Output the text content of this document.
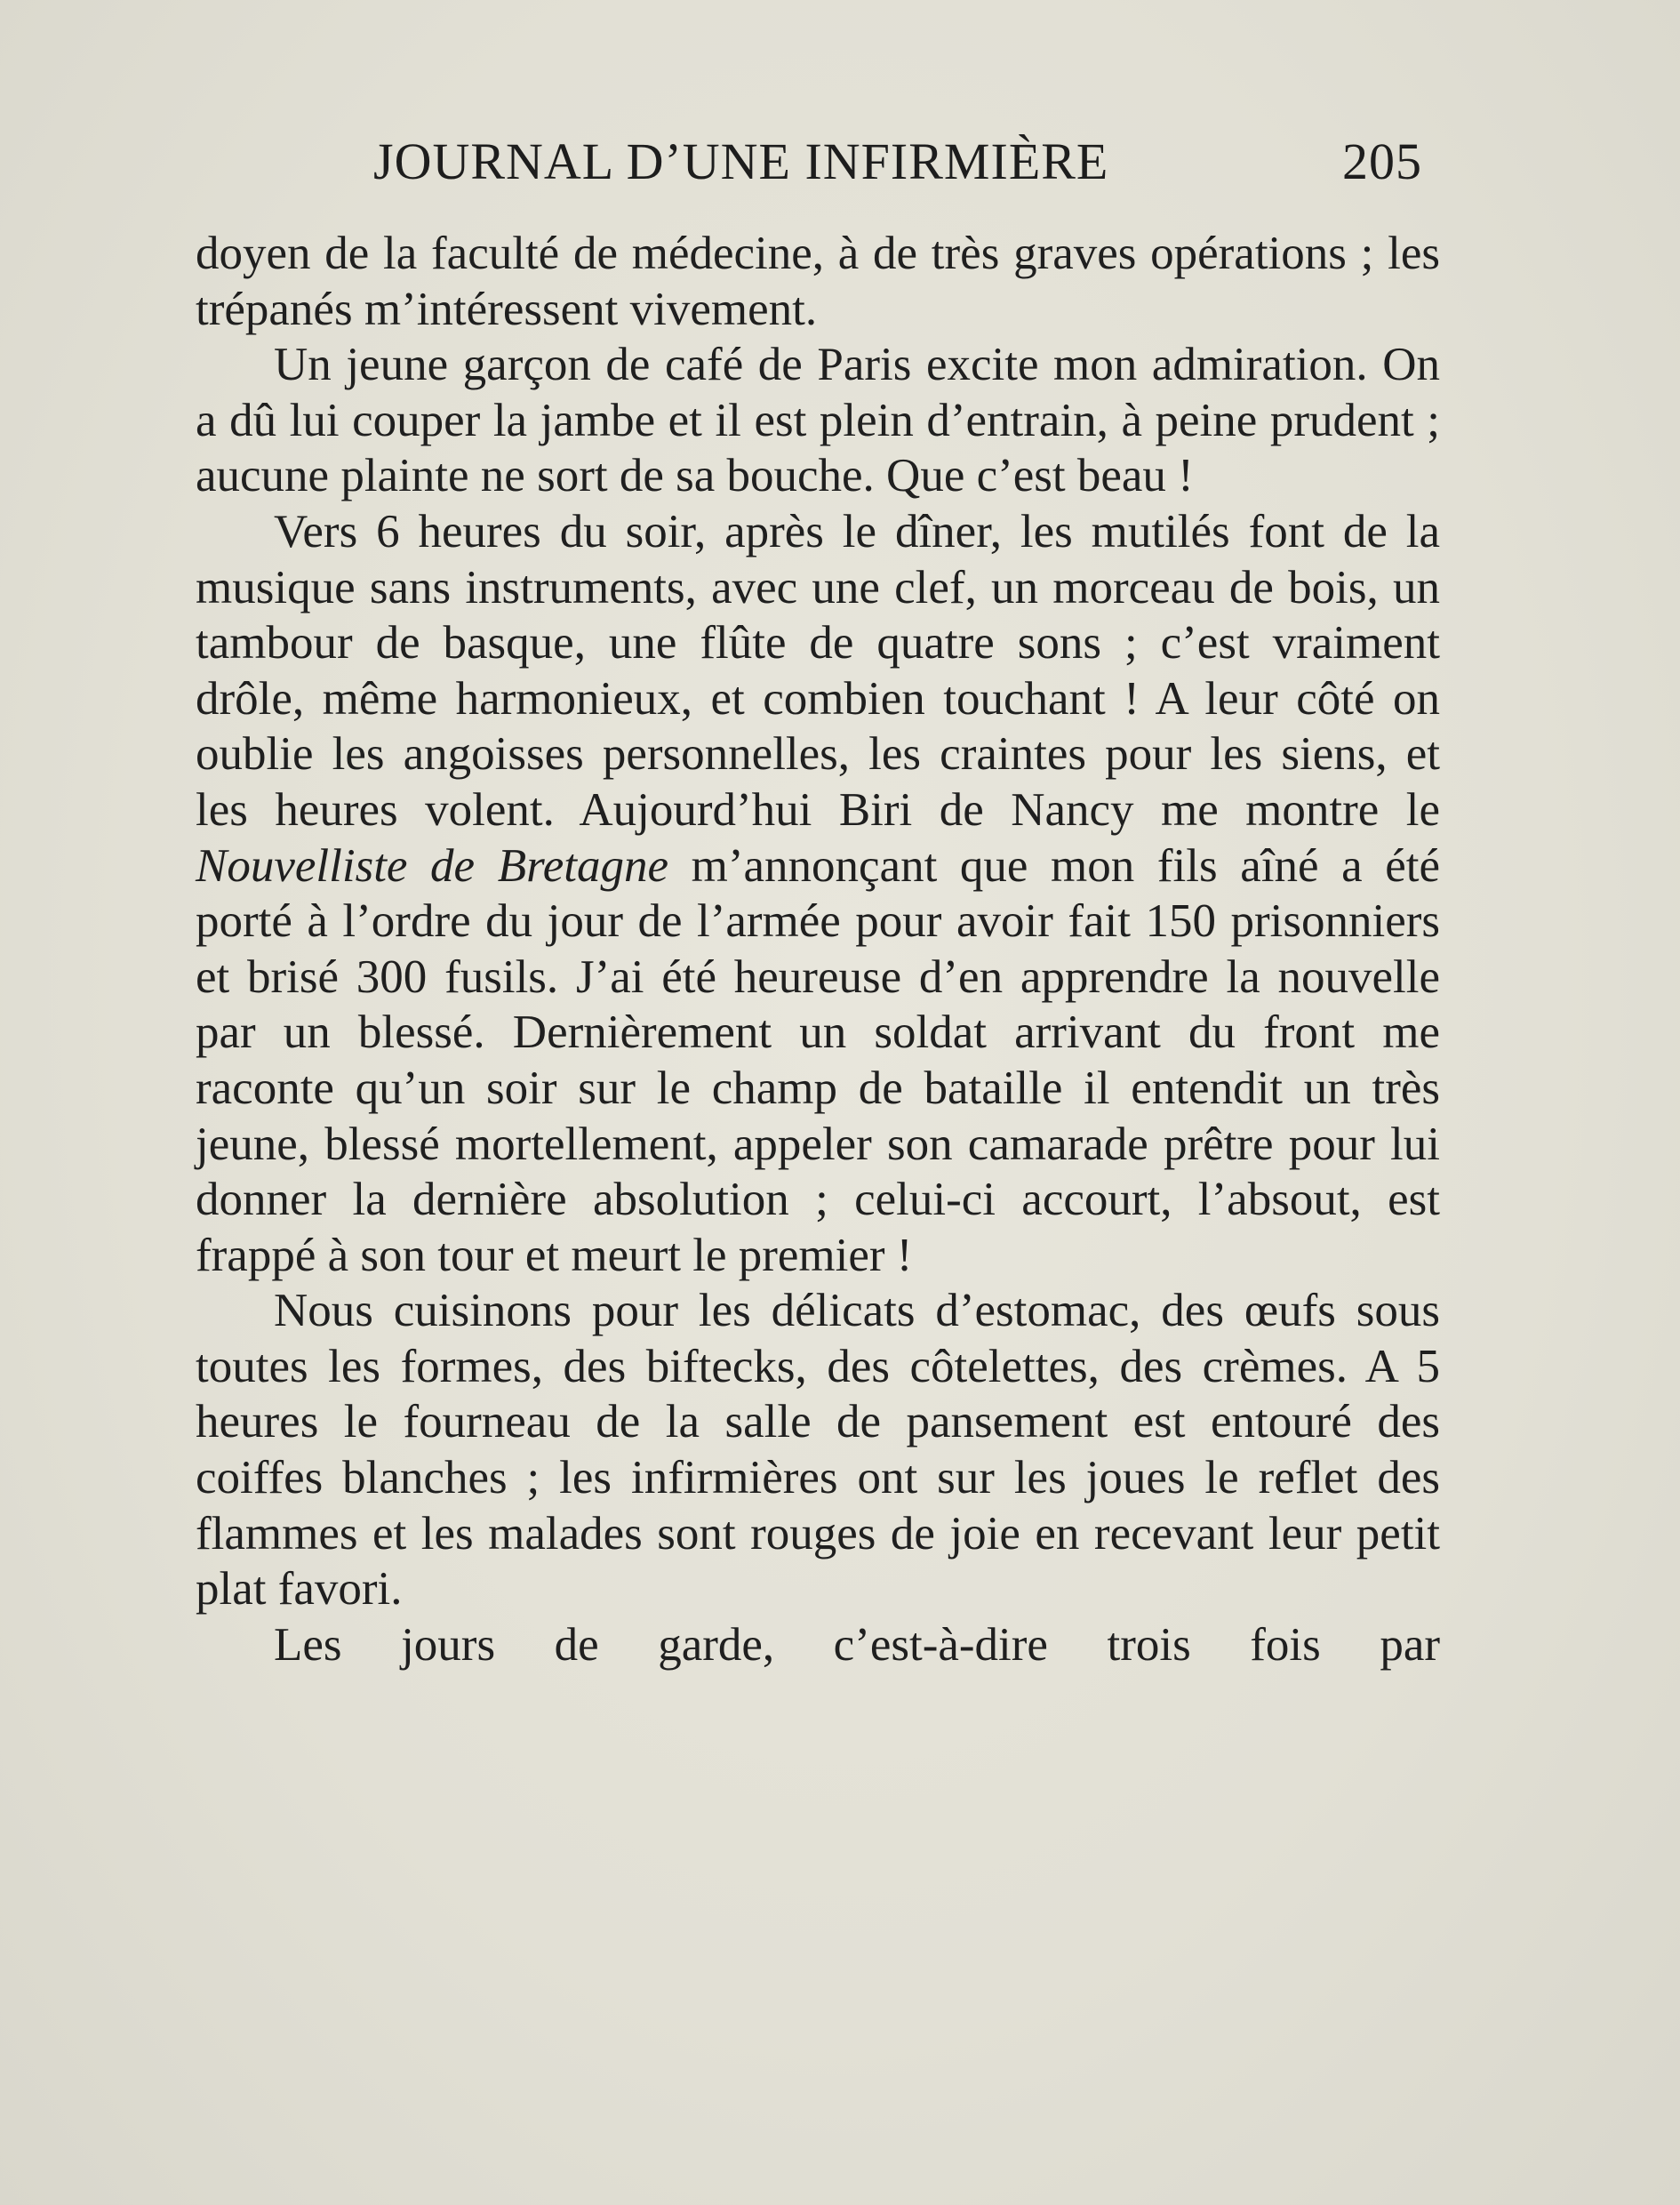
JOURNAL D’UNE INFIRMIÈRE	205

doyen de la faculté de médecine, à de très graves opérations ; les trépanés m’intéressent vivement.

Un jeune garçon de café de Paris excite mon admiration. On a dû lui couper la jambe et il est plein d’entrain, à peine prudent ; aucune plainte ne sort de sa bouche. Que c’est beau !

Vers 6 heures du soir, après le dîner, les mutilés font de la musique sans instruments, avec une clef, un morceau de bois, un tambour de basque, une flûte de quatre sons ; c’est vraiment drôle, même harmonieux, et combien touchant ! A leur côté on oublie les angoisses personnelles, les craintes pour les siens, et les heures volent. Aujourd’hui Biri de Nancy me montre le Nouvelliste de Bretagne m’annonçant que mon fils aîné a été porté à l’ordre du jour de l’armée pour avoir fait 150 prisonniers et brisé 300 fusils. J’ai été heureuse d’en apprendre la nouvelle par un blessé. Dernièrement un soldat arrivant du front me raconte qu’un soir sur le champ de bataille il entendit un très jeune, blessé mortellement, appeler son camarade prêtre pour lui donner la dernière absolution ; celui-ci accourt, l’absout, est frappé à son tour et meurt le premier !

Nous cuisinons pour les délicats d’estomac, des œufs sous toutes les formes, des biftecks, des côtelettes, des crèmes. A 5 heures le fourneau de la salle de pansement est entouré des coiffes blanches ; les infirmières ont sur les joues le reflet des flammes et les malades sont rouges de joie en recevant leur petit plat favori.

Les jours de garde, c’est-à-dire trois fois par
